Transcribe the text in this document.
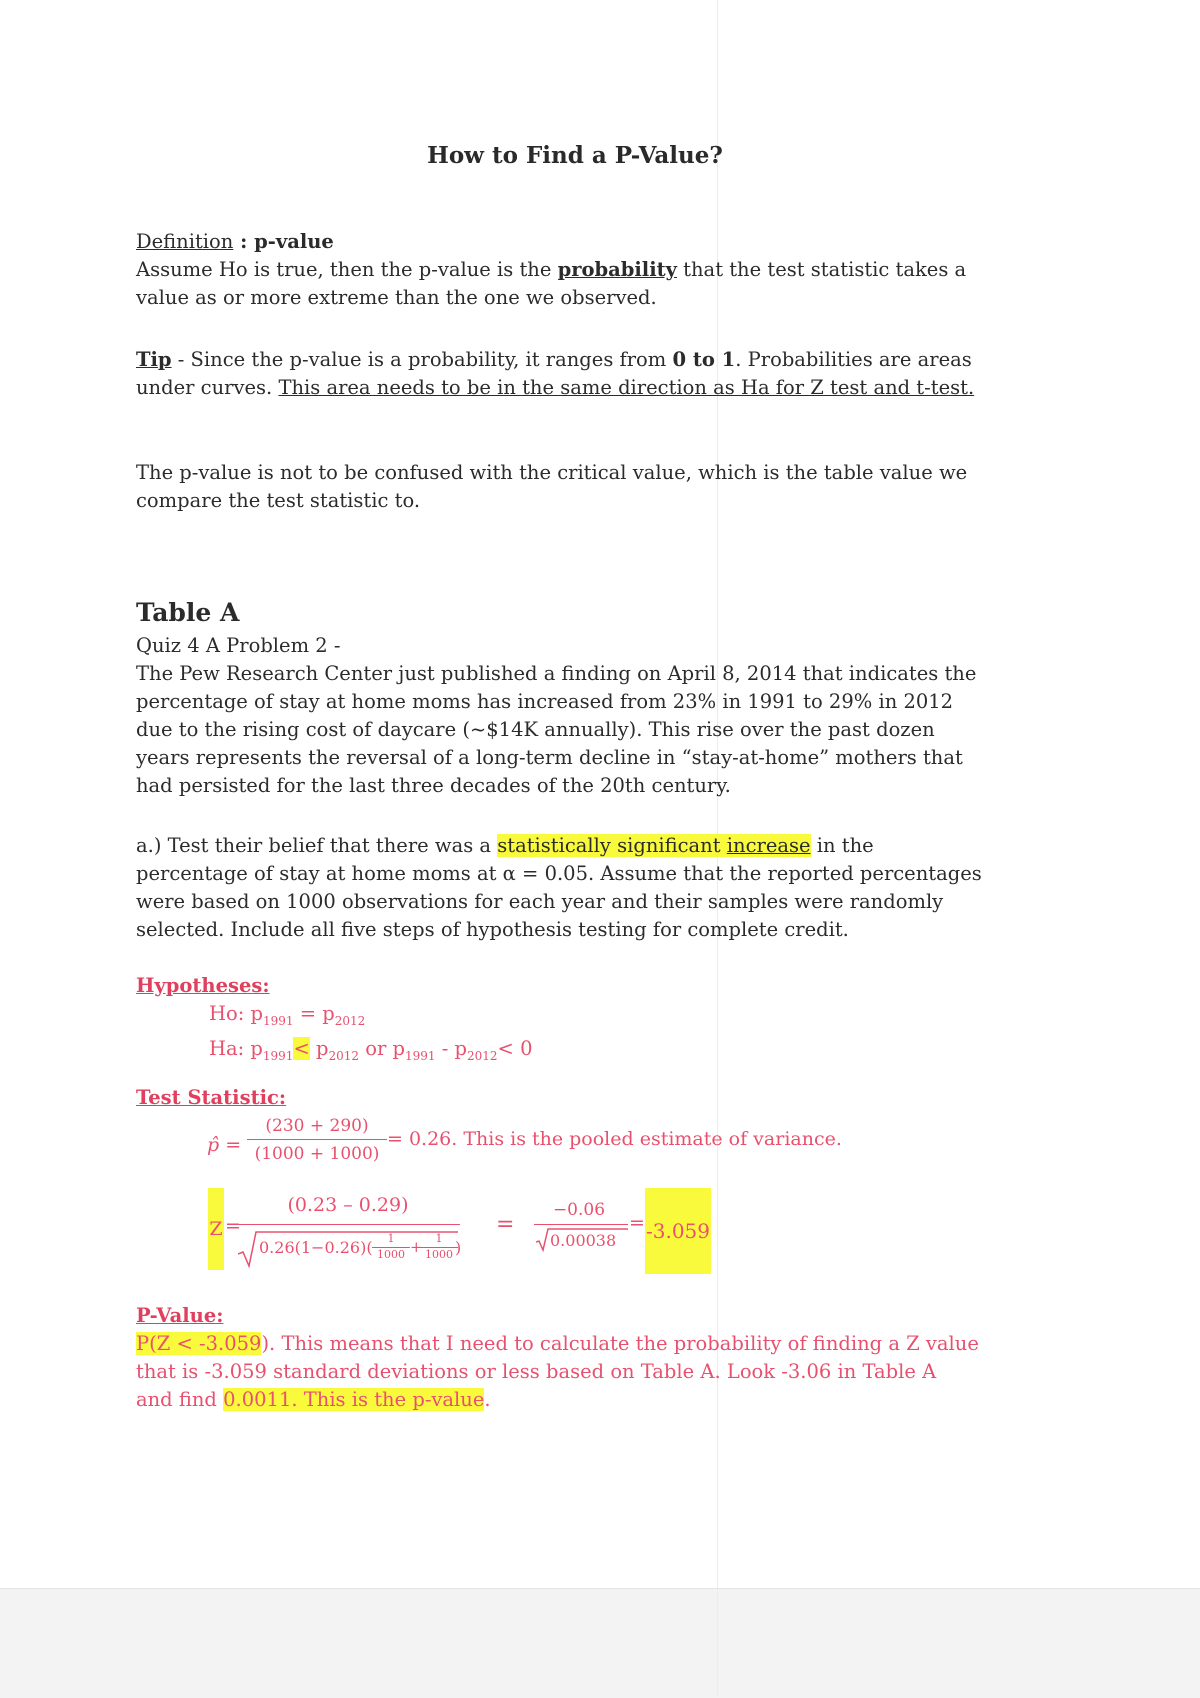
How to Find a P-Value?
Definition : p-value
Assume Ho is true, then the p-value is the probability that the test statistic takes a
value as or more extreme than the one we observed.
Tip - Since the p-value is a probability, it ranges from 0 to 1. Probabilities are areas
under curves. This area needs to be in the same direction as Ha for Z test and t-test.
The p-value is not to be confused with the critical value, which is the table value we
compare the test statistic to.
Table A
Quiz 4 A Problem 2 -
The Pew Research Center just published a finding on April 8, 2014 that indicates the
percentage of stay at home moms has increased from 23% in 1991 to 29% in 2012
due to the rising cost of daycare (~$14K annually). This rise over the past dozen
years represents the reversal of a long-term decline in “stay-at-home” mothers that
had persisted for the last three decades of the 20th century.
a.) Test their belief that there was a statistically significant increase in the
percentage of stay at home moms at α = 0.05. Assume that the reported percentages
were based on 1000 observations for each year and their samples were randomly
selected. Include all five steps of hypothesis testing for complete credit.
Hypotheses:
Ho: $p_{1991} = p_{2012}$
Ha: $p_{1991}< p_{2012}$ or $p_{1991} - p_{2012}< 0$
Test Statistic:
p̂ =
(230 + 290)
(1000 + 1000)
= 0.26. This is the pooled estimate of variance.
Z =
(0.23 – 0.29)
0.26(1−0.26)(	1
1000 +	1
1000 )
=
−0.06
0.00038
= -3.059
P-Value:
P(Z < -3.059). This means that I need to calculate the probability of finding a Z value
that is -3.059 standard deviations or less based on Table A. Look -3.06 in Table A
and find 0.0011. This is the p-value.
